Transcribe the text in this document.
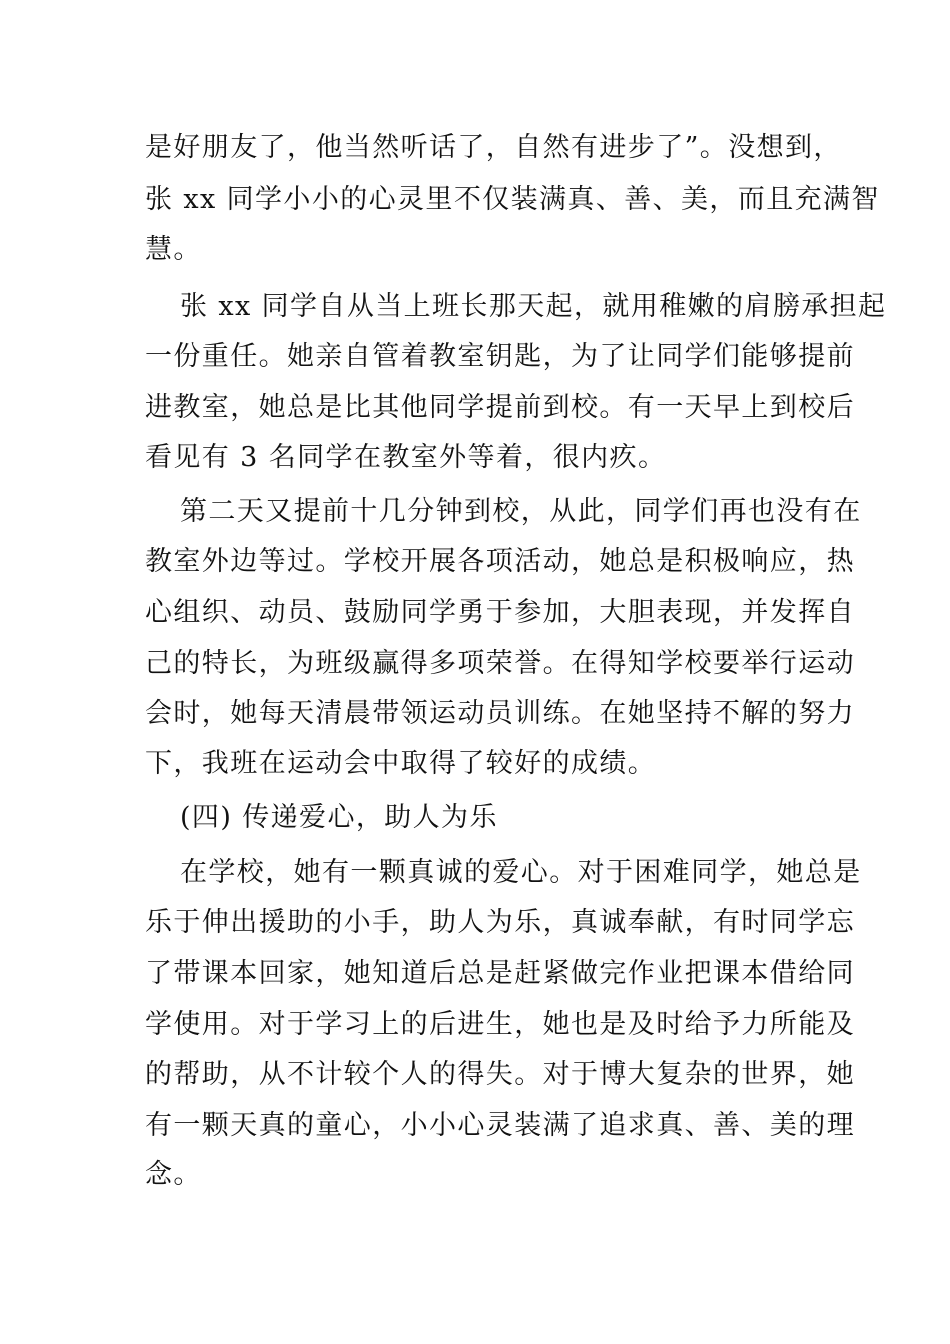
是好朋友了，他当然听话了，自然有进步了”。没想到，
张 xx 同学小小的心灵里不仅装满真、善、美，而且充满智
慧。
张 xx 同学自从当上班长那天起，就用稚嫩的肩膀承担起
一份重任。她亲自管着教室钥匙，为了让同学们能够提前
进教室，她总是比其他同学提前到校。有一天早上到校后
看见有 3 名同学在教室外等着，很内疚。
第二天又提前十几分钟到校，从此，同学们再也没有在
教室外边等过。学校开展各项活动，她总是积极响应，热
心组织、动员、鼓励同学勇于参加，大胆表现，并发挥自
己的特长，为班级赢得多项荣誉。在得知学校要举行运动
会时，她每天清晨带领运动员训练。在她坚持不解的努力
下，我班在运动会中取得了较好的成绩。
(四) 传递爱心，助人为乐
在学校，她有一颗真诚的爱心。对于困难同学，她总是
乐于伸出援助的小手，助人为乐，真诚奉献，有时同学忘
了带课本回家，她知道后总是赶紧做完作业把课本借给同
学使用。对于学习上的后进生，她也是及时给予力所能及
的帮助，从不计较个人的得失。对于博大复杂的世界，她
有一颗天真的童心，小小心灵装满了追求真、善、美的理
念。
